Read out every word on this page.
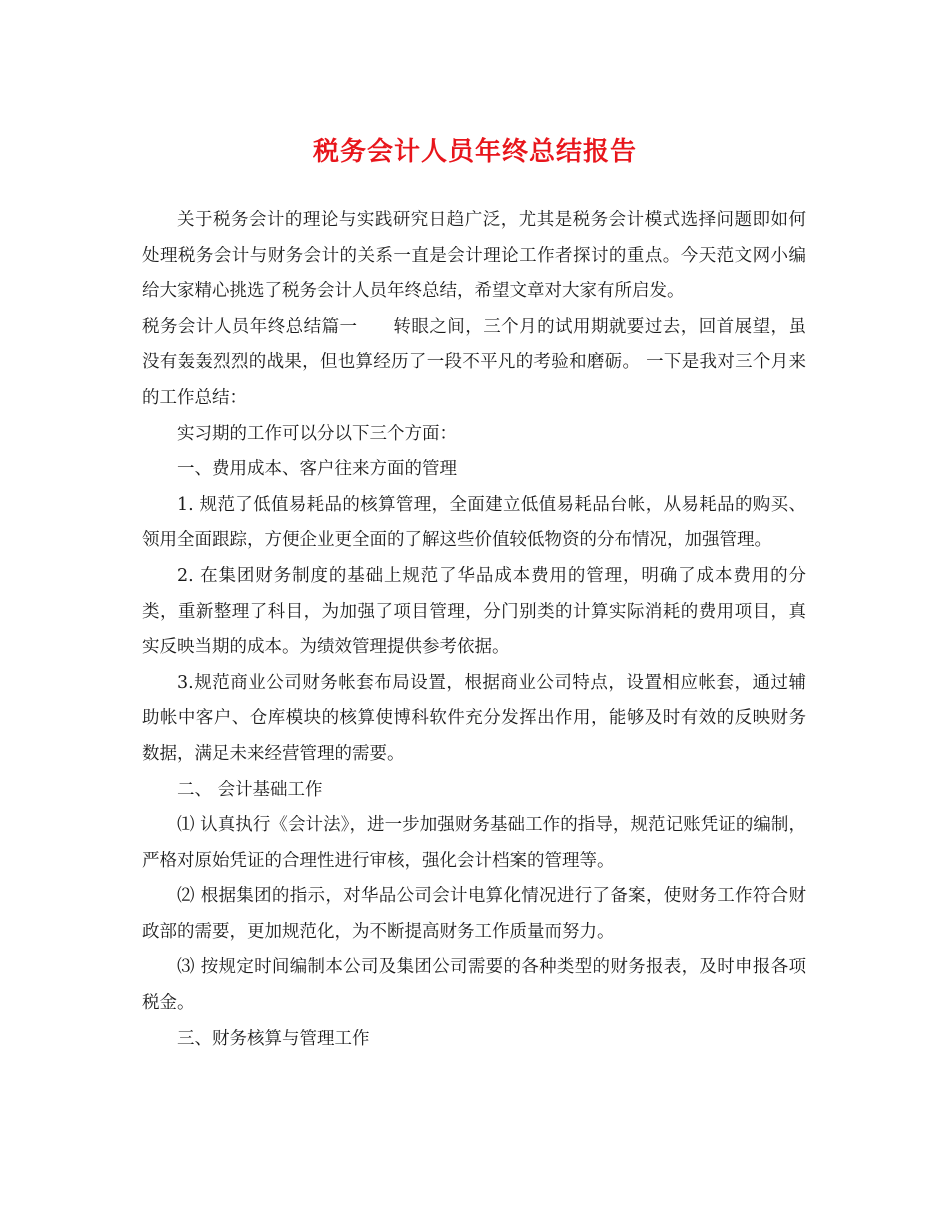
税务会计人员年终总结报告

关于税务会计的理论与实践研究日趋广泛，尤其是税务会计模式选择问题即如何处理税务会计与财务会计的关系一直是会计理论工作者探讨的重点。今天范文网小编给大家精心挑选了税务会计人员年终总结，希望文章对大家有所启发。

税务会计人员年终总结篇一　　转眼之间，三个月的试用期就要过去，回首展望，虽没有轰轰烈烈的战果，但也算经历了一段不平凡的考验和磨砺。 一下是我对三个月来的工作总结：

实习期的工作可以分以下三个方面：

一、费用成本、客户往来方面的管理

1. 规范了低值易耗品的核算管理，全面建立低值易耗品台帐，从易耗品的购买、领用全面跟踪，方便企业更全面的了解这些价值较低物资的分布情况，加强管理。

2. 在集团财务制度的基础上规范了华品成本费用的管理，明确了成本费用的分类，重新整理了科目，为加强了项目管理，分门别类的计算实际消耗的费用项目，真实反映当期的成本。为绩效管理提供参考依据。

3.规范商业公司财务帐套布局设置，根据商业公司特点，设置相应帐套，通过辅助帐中客户、仓库模块的核算使博科软件充分发挥出作用，能够及时有效的反映财务数据，满足未来经营管理的需要。

二、 会计基础工作

⑴ 认真执行《会计法》，进一步加强财务基础工作的指导，规范记账凭证的编制，严格对原始凭证的合理性进行审核，强化会计档案的管理等。

⑵ 根据集团的指示，对华品公司会计电算化情况进行了备案，使财务工作符合财政部的需要，更加规范化，为不断提高财务工作质量而努力。

⑶ 按规定时间编制本公司及集团公司需要的各种类型的财务报表，及时申报各项税金。

三、财务核算与管理工作
